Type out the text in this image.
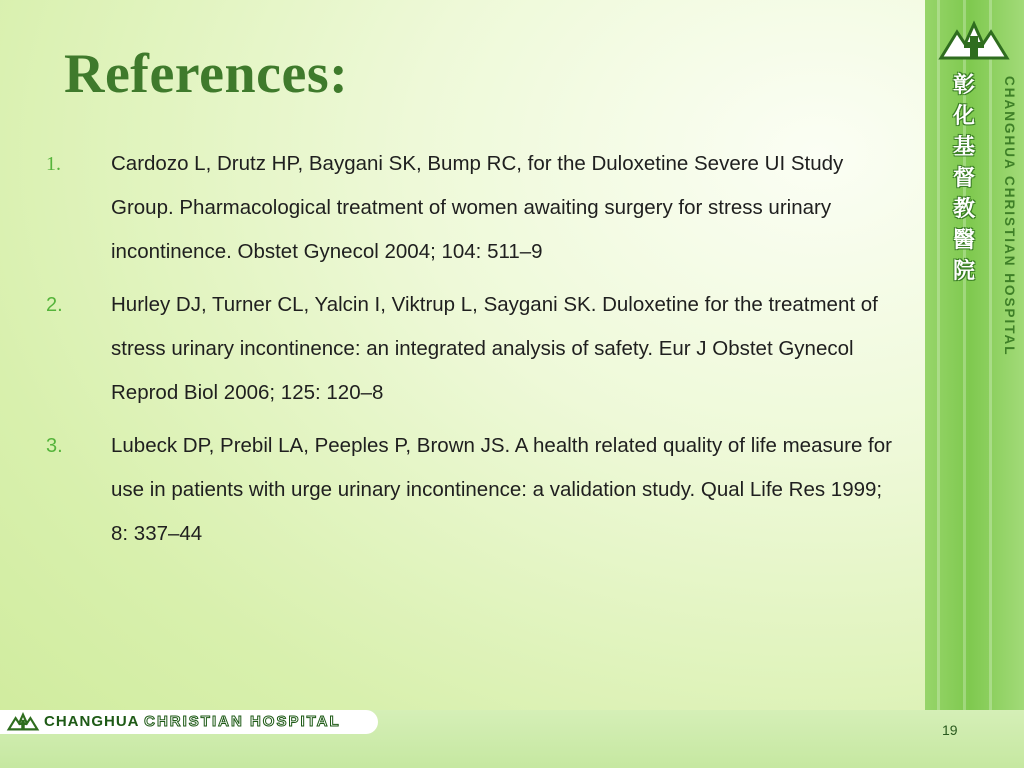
References:
1. Cardozo L, Drutz HP, Baygani SK, Bump RC, for the Duloxetine Severe UI Study Group. Pharmacological treatment of women awaiting surgery for stress urinary incontinence. Obstet Gynecol 2004; 104: 511–9
2. Hurley DJ, Turner CL, Yalcin I, Viktrup L, Saygani SK. Duloxetine for the treatment of stress urinary incontinence: an integrated analysis of safety. Eur J Obstet Gynecol Reprod Biol 2006; 125: 120–8
3. Lubeck DP, Prebil LA, Peeples P, Brown JS. A health related quality of life measure for use in patients with urge urinary incontinence: a validation study. Qual Life Res 1999; 8: 337–44
彰
化
基
督
教
醫
院	CHANGHUA CHRISTIAN HOSPITAL
CHANGHUA CHRISTIAN HOSPITAL	19
